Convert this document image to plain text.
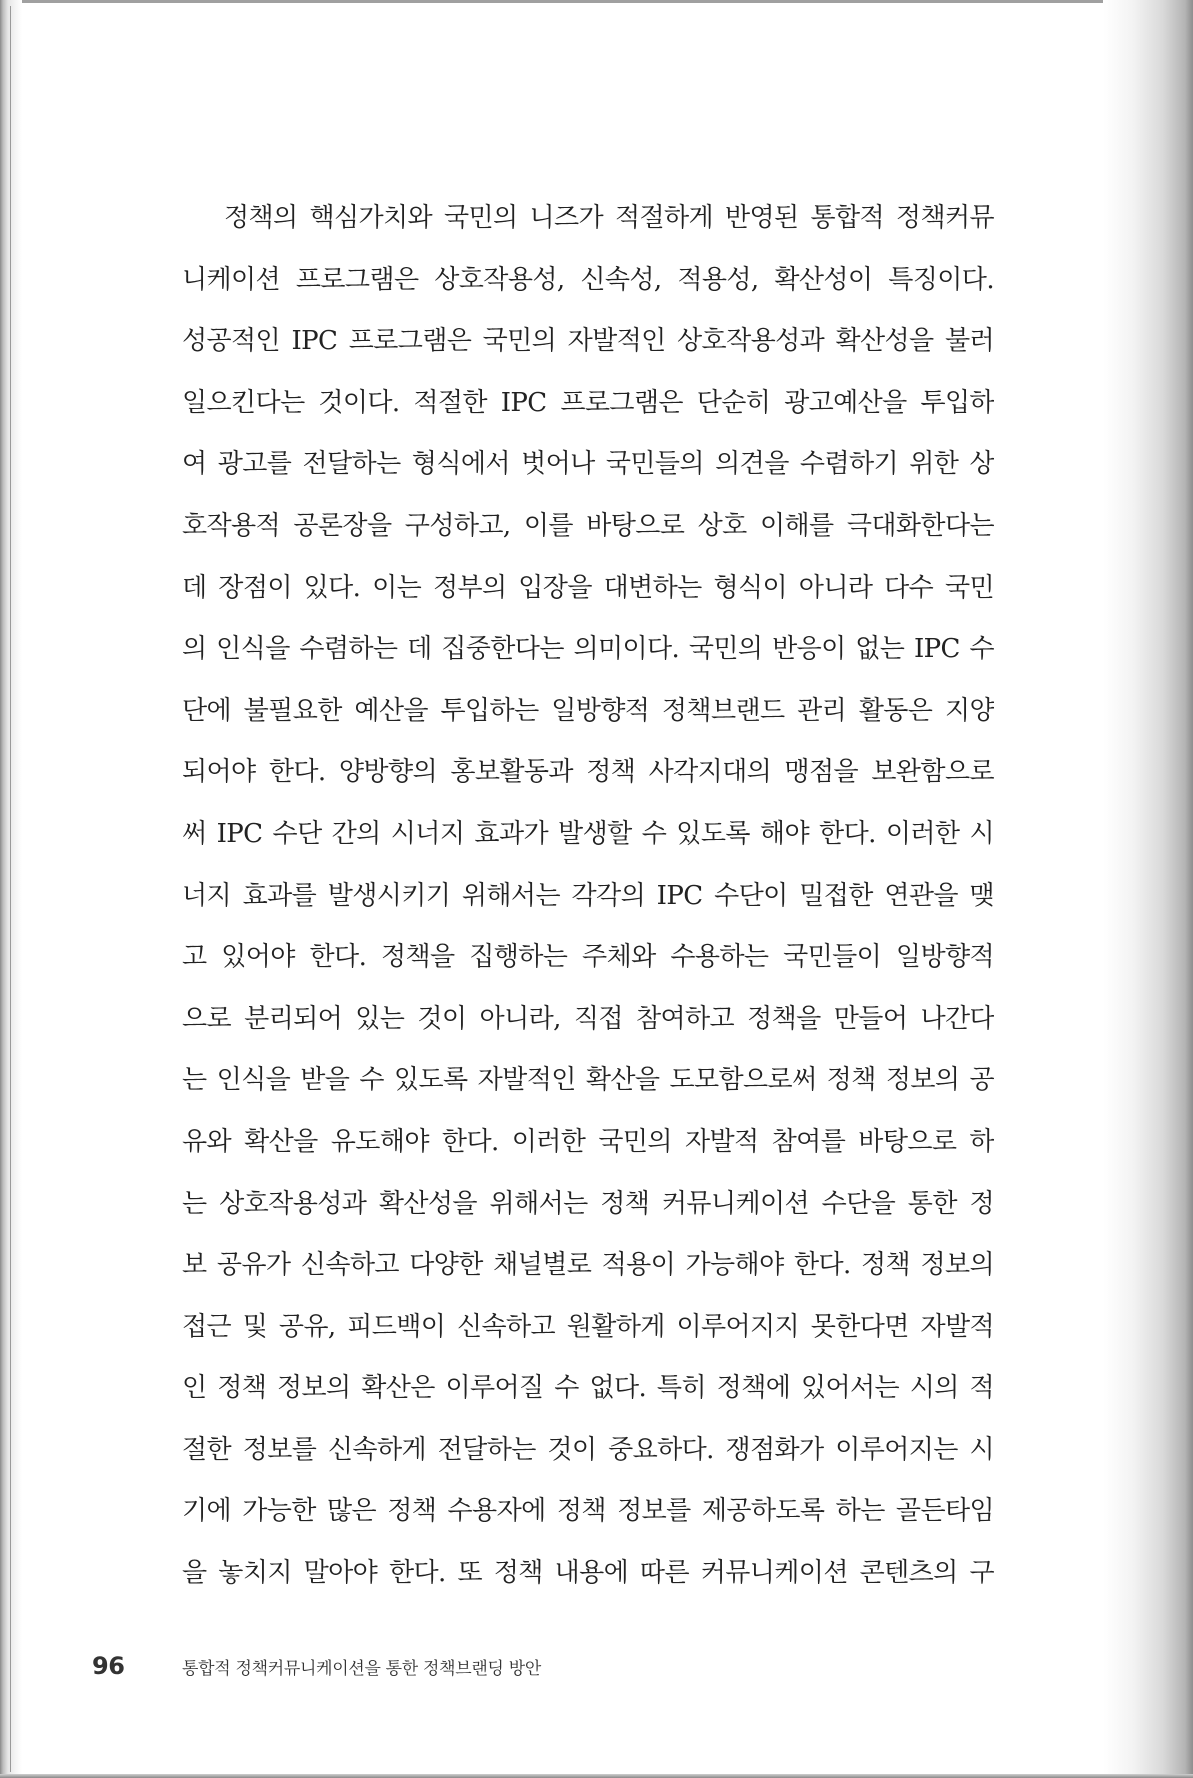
정책의 핵심가치와 국민의 니즈가 적절하게 반영된 통합적 정책커뮤
니케이션 프로그램은 상호작용성, 신속성, 적용성, 확산성이 특징이다.
성공적인 IPC 프로그램은 국민의 자발적인 상호작용성과 확산성을 불러
일으킨다는 것이다. 적절한 IPC 프로그램은 단순히 광고예산을 투입하
여 광고를 전달하는 형식에서 벗어나 국민들의 의견을 수렴하기 위한 상
호작용적 공론장을 구성하고, 이를 바탕으로 상호 이해를 극대화한다는
데 장점이 있다. 이는 정부의 입장을 대변하는 형식이 아니라 다수 국민
의 인식을 수렴하는 데 집중한다는 의미이다. 국민의 반응이 없는 IPC 수
단에 불필요한 예산을 투입하는 일방향적 정책브랜드 관리 활동은 지양
되어야 한다. 양방향의 홍보활동과 정책 사각지대의 맹점을 보완함으로
써 IPC 수단 간의 시너지 효과가 발생할 수 있도록 해야 한다. 이러한 시
너지 효과를 발생시키기 위해서는 각각의 IPC 수단이 밀접한 연관을 맺
고 있어야 한다. 정책을 집행하는 주체와 수용하는 국민들이 일방향적
으로 분리되어 있는 것이 아니라, 직접 참여하고 정책을 만들어 나간다
는 인식을 받을 수 있도록 자발적인 확산을 도모함으로써 정책 정보의 공
유와 확산을 유도해야 한다. 이러한 국민의 자발적 참여를 바탕으로 하
는 상호작용성과 확산성을 위해서는 정책 커뮤니케이션 수단을 통한 정
보 공유가 신속하고 다양한 채널별로 적용이 가능해야 한다. 정책 정보의
접근 및 공유, 피드백이 신속하고 원활하게 이루어지지 못한다면 자발적
인 정책 정보의 확산은 이루어질 수 없다. 특히 정책에 있어서는 시의 적
절한 정보를 신속하게 전달하는 것이 중요하다. 쟁점화가 이루어지는 시
기에 가능한 많은 정책 수용자에 정책 정보를 제공하도록 하는 골든타임
을 놓치지 말아야 한다. 또 정책 내용에 따른 커뮤니케이션 콘텐츠의 구
96	통합적 정책커뮤니케이션을 통한 정책브랜딩 방안
